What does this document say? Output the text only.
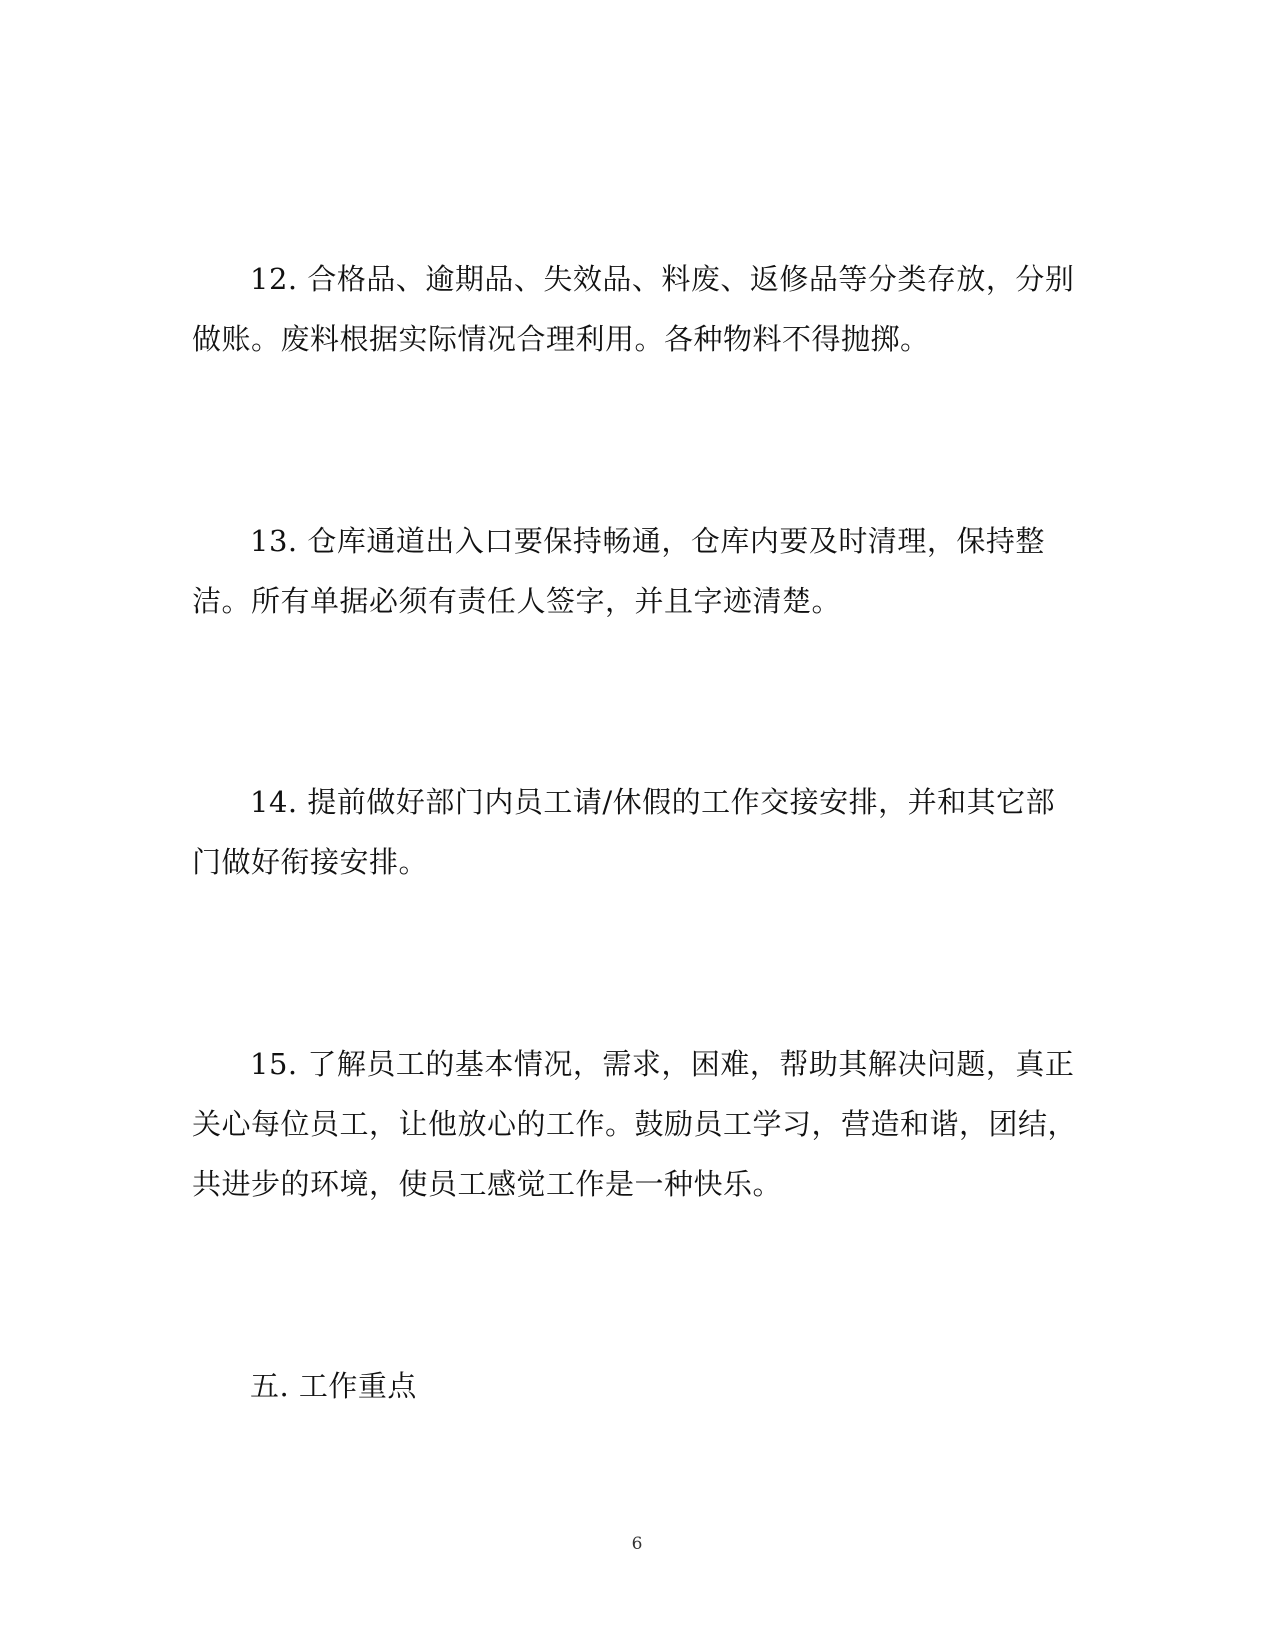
12. 合格品、逾期品、失效品、料废、返修品等分类存放，分别做账。废料根据实际情况合理利用。各种物料不得抛掷。

13. 仓库通道出入口要保持畅通，仓库内要及时清理，保持整洁。所有单据必须有责任人签字，并且字迹清楚。

14. 提前做好部门内员工请/休假的工作交接安排，并和其它部门做好衔接安排。

15. 了解员工的基本情况，需求，困难，帮助其解决问题，真正关心每位员工，让他放心的工作。鼓励员工学习，营造和谐，团结，共进步的环境，使员工感觉工作是一种快乐。

五. 工作重点

6
